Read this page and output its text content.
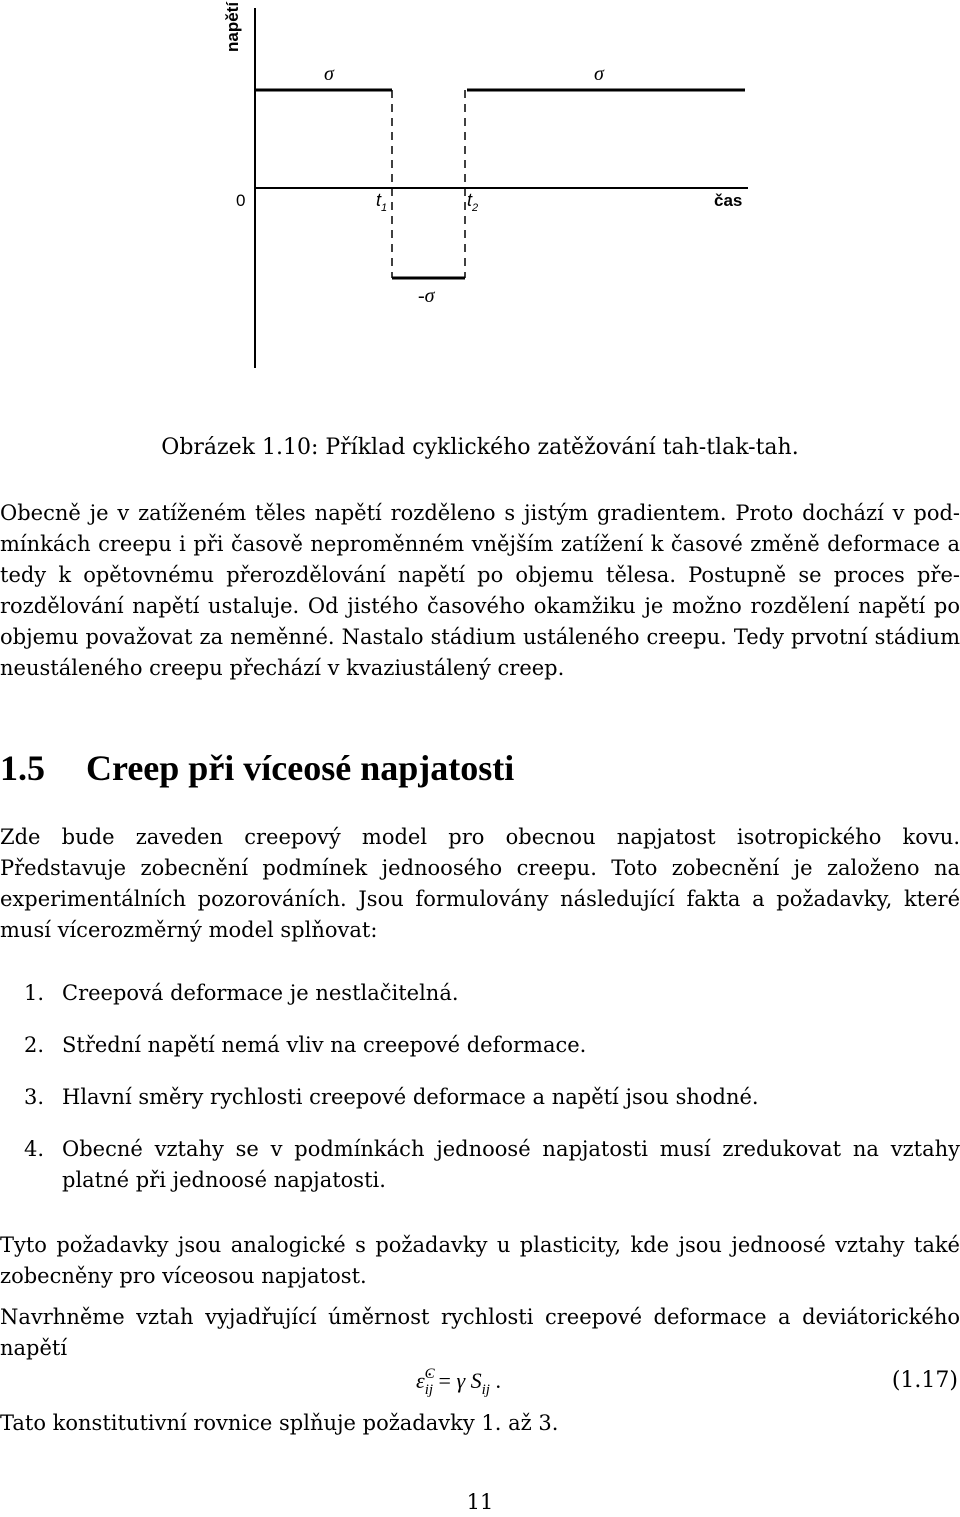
napětí
σ	σ
-σ
0	$t_1$	$t_2$	čas
Obrázek 1.10: Příklad cyklického zatěžování tah-tlak-tah.

Obecně je v zatíženém těles napětí rozděleno s jistým gradientem. Proto dochází v pod- mínkách creepu i při časově neproměnném vnějším zatížení k časové změně deformace a tedy k opětovnému přerozdělování napětí po objemu tělesa. Postupně se proces pře-rozdělování napětí ustaluje. Od jistého časového okamžiku je možno rozdělení napětí po objemu považovat za neměnné. Nastalo stádium ustáleného creepu. Tedy prvotní stádium neustáleného creepu přechází v kvaziustálený creep.

1.5 Creep při víceosé napjatosti

Zde bude zaveden creepový model pro obecnou napjatost isotropického kovu. Představuje zobecnění podmínek jednoosého creepu. Toto zobecnění je založeno na experimentálních pozorováních. Jsou formulovány následující fakta a požadavky, které musí vícerozměrný model splňovat:

1. Creepová deformace je nestlačitelná.
2. Střední napětí nemá vliv na creepové deformace.
3. Hlavní směry rychlosti creepové deformace a napětí jsou shodné.
4. Obecné vztahy se v podmínkách jednoosé napjatosti musí zredukovat na vztahy platné při jednoosé napjatosti.

Tyto požadavky jsou analogické s požadavky u plasticity, kde jsou jednoosé vztahy také zobecněny pro víceosou napjatost.

Navrhněme vztah vyjadřující úměrnost rychlosti creepové deformace a deviátorického napětí

ε̇$^C_{ij}$ = γ $S_{ij}$ .	(1.17)

Tato konstitutivní rovnice splňuje požadavky 1. až 3.

11
